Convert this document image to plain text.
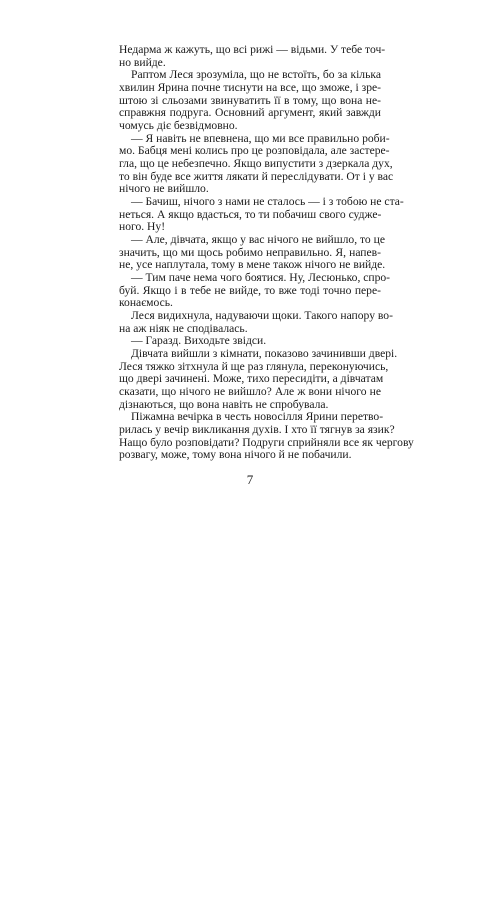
Недарма ж кажуть, що всі рижі — відьми. У тебе точ-
но вийде.
Раптом Леся зрозуміла, що не встоїть, бо за кілька
хвилин Ярина почне тиснути на все, що зможе, і зре-
штою зі сльозами звинуватить її в тому, що вона не-
справжня подруга. Основний аргумент, який завжди
чомусь діє безвідмовно.
— Я навіть не впевнена, що ми все правильно роби-
мо. Бабця мені колись про це розповідала, але застере-
гла, що це небезпечно. Якщо випустити з дзеркала дух,
то він буде все життя лякати й переслідувати. От і у вас
нічого не вийшло.
— Бачиш, нічого з нами не сталось — і з тобою не ста-
неться. А якщо вдасться, то ти побачиш свого судже-
ного. Ну!
— Але, дівчата, якщо у вас нічого не вийшло, то це
значить, що ми щось робимо неправильно. Я, напев-
не, усе наплутала, тому в мене також нічого не вийде.
— Тим паче нема чого боятися. Ну, Лесюнько, спро-
буй. Якщо і в тебе не вийде, то вже тоді точно пере-
конаємось.
Леся видихнула, надуваючи щоки. Такого напору во-
на аж ніяк не сподівалась.
— Гаразд. Виходьте звідси.
Дівчата вийшли з кімнати, показово зачинивши двері.
Леся тяжко зітхнула й ще раз глянула, переконуючись,
що двері зачинені. Може, тихо пересидіти, а дівчатам
сказати, що нічого не вийшло? Але ж вони нічого не
дізнаються, що вона навіть не спробувала.
Піжамна вечірка в честь новосілля Ярини перетво-
рилась у вечір викликання духів. І хто її тягнув за язик?
Нащо було розповідати? Подруги сприйняли все як чергову
розвагу, може, тому вона нічого й не побачили.
7
